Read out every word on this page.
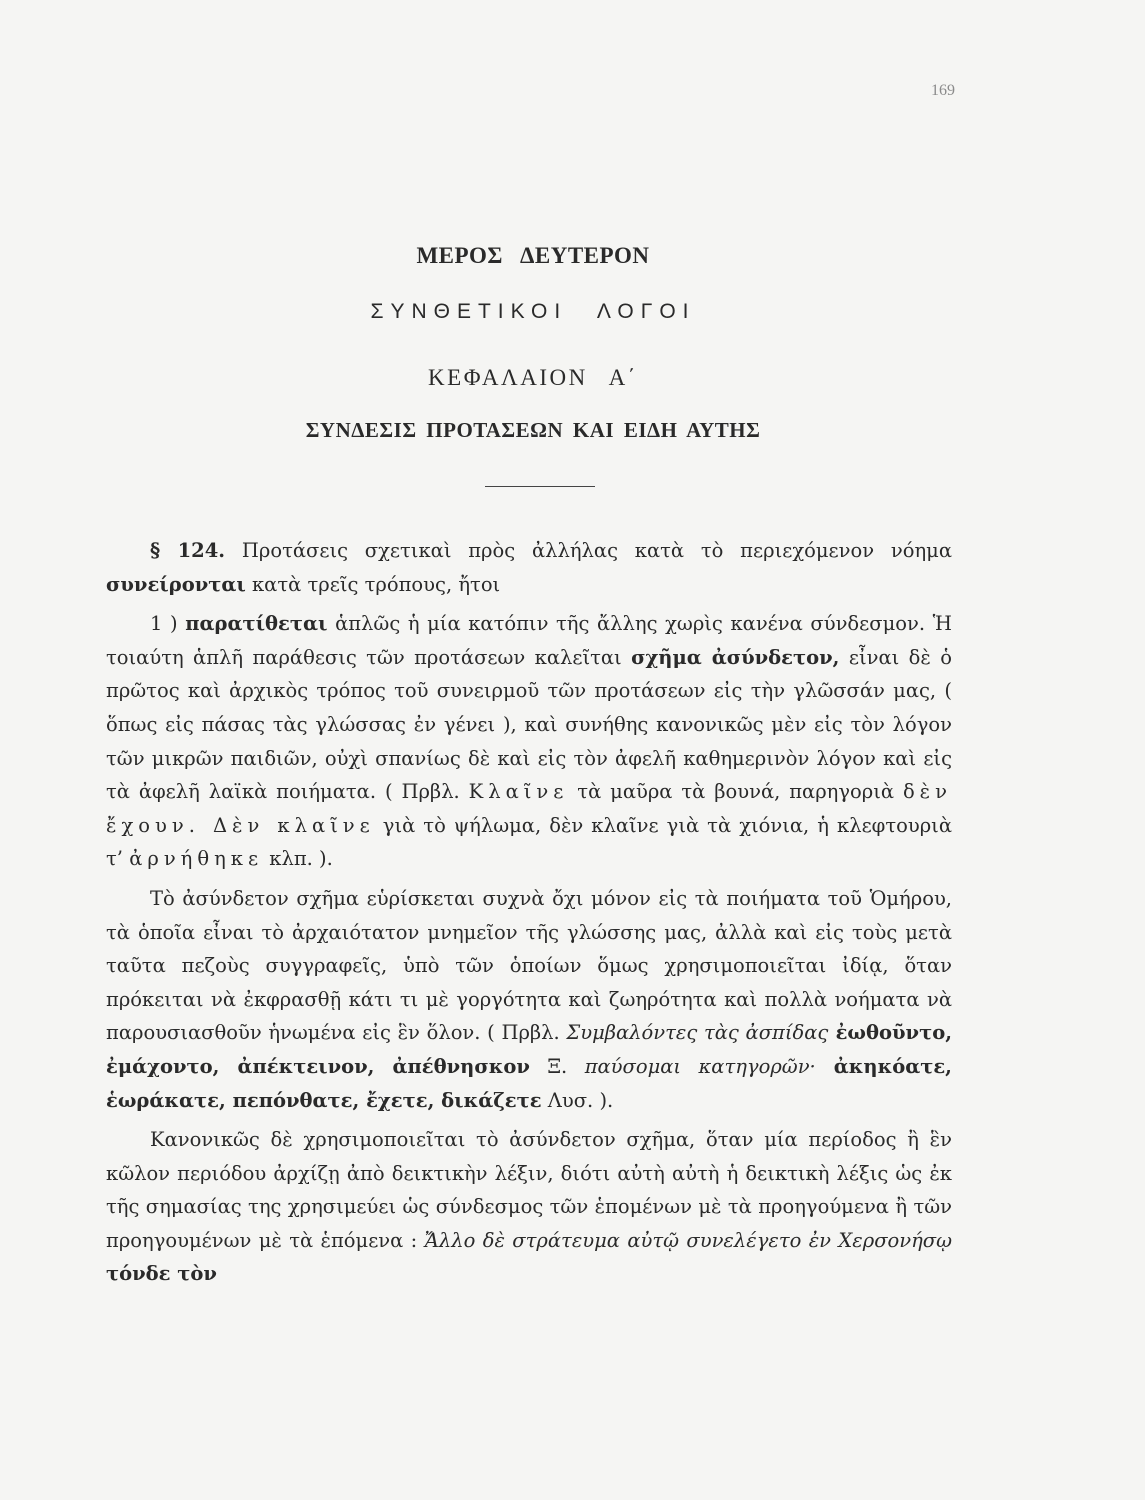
169
ΜΕΡΟΣ ΔΕΥΤΕΡΟΝ
ΣΥΝΘΕΤΙΚΟΙ ΛΟΓΟΙ
ΚΕΦΑΛΑΙΟΝ Α΄
ΣΥΝΔΕΣΙΣ ΠΡΟΤΑΣΕΩΝ ΚΑΙ ΕΙΔΗ ΑΥΤΗΣ

§ 124. Προτάσεις σχετικαὶ πρὸς ἀλλήλας κατὰ τὸ περιεχόμενον νόημα συνείρονται κατὰ τρεῖς τρόπους, ἤτοι

1 ) παρατίθεται ἁπλῶς ἡ μία κατόπιν τῆς ἄλλης χωρὶς κανένα σύνδεσμον. Ἡ τοιαύτη ἁπλῆ παράθεσις τῶν προτάσεων καλεῖται σχῆμα ἀσύνδετον, εἶναι δὲ ὁ πρῶτος καὶ ἀρχικὸς τρόπος τοῦ συνειρμοῦ τῶν προτάσεων εἰς τὴν γλῶσσάν μας, ( ὅπως εἰς πάσας τὰς γλώσσας ἐν γένει ), καὶ συνήθης κανονικῶς μὲν εἰς τὸν λόγον τῶν μικρῶν παιδιῶν, οὐχὶ σπανίως δὲ καὶ εἰς τὸν ἀφελῆ καθημερινὸν λόγον καὶ εἰς τὰ ἀφελῆ λαϊκὰ ποιήματα. ( Πρβλ. Κλαῖνε τὰ μαῦρα τὰ βουνά, παρηγοριὰ δὲν ἔχουν. Δὲν κλαῖνε γιὰ τὸ ψήλωμα, δὲν κλαῖνε γιὰ τὰ χιόνια, ἡ κλεφτουριὰ τ’ ἀρνήθηκε κλπ. ).

Τὸ ἀσύνδετον σχῆμα εὑρίσκεται συχνὰ ὄχι μόνον εἰς τὰ ποιήματα τοῦ Ὁμήρου, τὰ ὁποῖα εἶναι τὸ ἀρχαιότατον μνημεῖον τῆς γλώσσης μας, ἀλλὰ καὶ εἰς τοὺς μετὰ ταῦτα πεζοὺς συγγραφεῖς, ὑπὸ τῶν ὁποίων ὅμως χρησιμοποιεῖται ἰδίᾳ, ὅταν πρόκειται νὰ ἐκφρασθῇ κάτι τι μὲ γοργότητα καὶ ζωηρότητα καὶ πολλὰ νοήματα νὰ παρουσιασθοῦν ἡνωμένα εἰς ἓν ὅλον. ( Πρβλ. Συμβαλόντες τὰς ἀσπίδας ἐωθοῦντο, ἐμάχοντο, ἀπέκτεινον, ἀπέθνησκον Ξ. παύσομαι κατηγορῶν· ἀκηκόατε, ἑωράκατε, πεπόνθατε, ἔχετε, δικάζετε Λυσ. ).

Κανονικῶς δὲ χρησιμοποιεῖται τὸ ἀσύνδετον σχῆμα, ὅταν μία περίοδος ἢ ἓν κῶλον περιόδου ἀρχίζῃ ἀπὸ δεικτικὴν λέξιν, διότι αὐτὴ αὐτὴ ἡ δεικτικὴ λέξις ὡς ἐκ τῆς σημασίας της χρησιμεύει ὡς σύνδεσμος τῶν ἑπομένων μὲ τὰ προηγούμενα ἢ τῶν προηγουμένων μὲ τὰ ἑπόμενα : Ἄλλο δὲ στράτευμα αὐτῷ συνελέγετο ἐν Χερσονήσῳ τόνδε τὸν
